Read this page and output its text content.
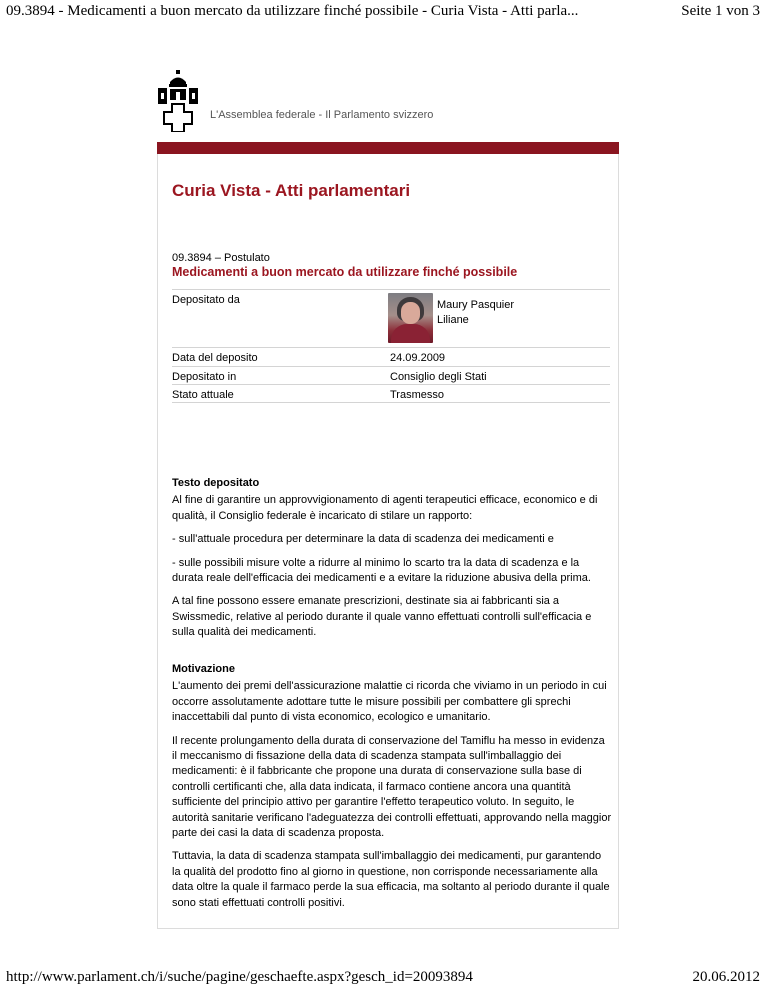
09.3894 - Medicamenti a buon mercato da utilizzare finché possibile - Curia Vista - Atti parla...	Seite 1 von 3
L'Assemblea federale - Il Parlamento svizzero
Curia Vista - Atti parlamentari
09.3894 – Postulato
Medicamenti a buon mercato da utilizzare finché possibile
Depositato da	Maury Pasquier
Liliane
Data del deposito	24.09.2009
Depositato in	Consiglio degli Stati
Stato attuale	Trasmesso
Testo depositato

Al fine di garantire un approvvigionamento di agenti terapeutici efficace, economico e di qualità, il Consiglio federale è incaricato di stilare un rapporto:

- sull'attuale procedura per determinare la data di scadenza dei medicamenti e

- sulle possibili misure volte a ridurre al minimo lo scarto tra la data di scadenza e la durata reale dell'efficacia dei medicamenti e a evitare la riduzione abusiva della prima.

A tal fine possono essere emanate prescrizioni, destinate sia ai fabbricanti sia a Swissmedic, relative al periodo durante il quale vanno effettuati controlli sull'efficacia e sulla qualità dei medicamenti.

Motivazione

L'aumento dei premi dell'assicurazione malattie ci ricorda che viviamo in un periodo in cui occorre assolutamente adottare tutte le misure possibili per combattere gli sprechi inaccettabili dal punto di vista economico, ecologico e umanitario.

Il recente prolungamento della durata di conservazione del Tamiflu ha messo in evidenza il meccanismo di fissazione della data di scadenza stampata sull'imballaggio dei medicamenti: è il fabbricante che propone una durata di conservazione sulla base di controlli certificanti che, alla data indicata, il farmaco contiene ancora una quantità sufficiente del principio attivo per garantire l'effetto terapeutico voluto. In seguito, le autorità sanitarie verificano l'adeguatezza dei controlli effettuati, approvando nella maggior parte dei casi la data di scadenza proposta.

Tuttavia, la data di scadenza stampata sull'imballaggio dei medicamenti, pur garantendo la qualità del prodotto fino al giorno in questione, non corrisponde necessariamente alla data oltre la quale il farmaco perde la sua efficacia, ma soltanto al periodo durante il quale sono stati effettuati controlli positivi.

http://www.parlament.ch/i/suche/pagine/geschaefte.aspx?gesch_id=20093894	20.06.2012
